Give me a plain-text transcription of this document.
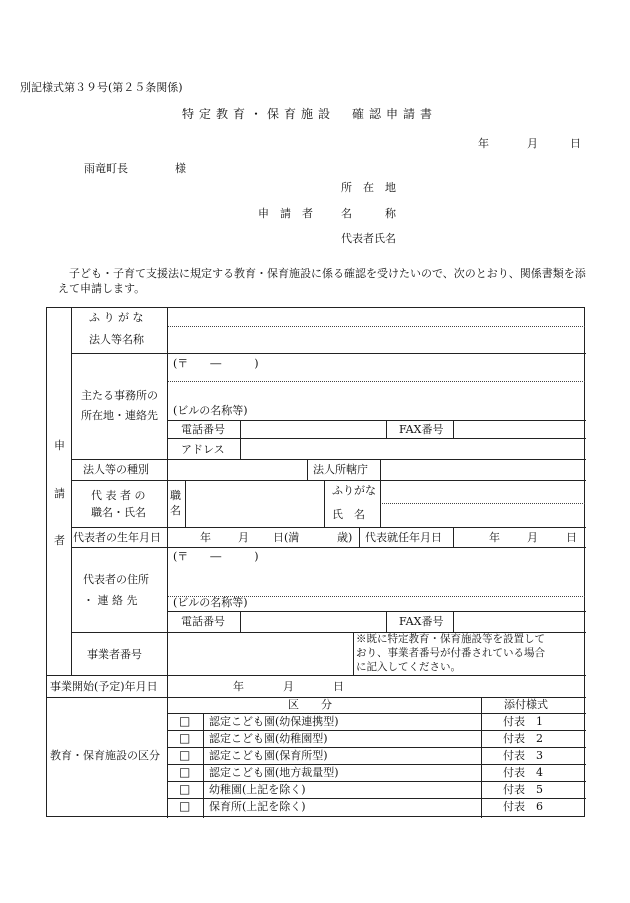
別記様式第３９号(第２５条関係)
特定教育・保育施設　確認申請書
年	月	日
雨竜町長	様
所　在　地
申　請　者	名　　　称
代表者氏名
子ども・子育て支援法に規定する教育・保育施設に係る確認を受けたいので、次のとおり、関係書類を添えて申請します。
申
請
者
ふ り が な
法人等名称
主たる事務所の
所在地・連絡先
(〒　　―　　　)
(ビルの名称等)
電話番号	FAX番号
アドレス
法人等の種別	法人所轄庁
代 表 者 の
職名・氏名
職
名
ふりがな
氏　名
代表者の生年月日	年 月 日(満	歳) 代表就任年月日	年 月	日
代表者の住所
・ 連 絡 先
(〒　　―　　　)
(ビルの名称等)
電話番号	FAX番号
事業者番号
※既に特定教育・保育施設等を設置して
おり、事業者番号が付番されている場合
に記入してください。
事業開始(予定)年月日	年	月	日
教育・保育施設の区分
区　　分	添付様式
□ 認定こども園(幼保連携型)	付表　1
□ 認定こども園(幼稚園型)	付表　2
□ 認定こども園(保育所型)	付表　3
□ 認定こども園(地方裁量型)	付表　4
□ 幼稚園(上記を除く)	付表　5
□ 保育所(上記を除く)	付表　6
